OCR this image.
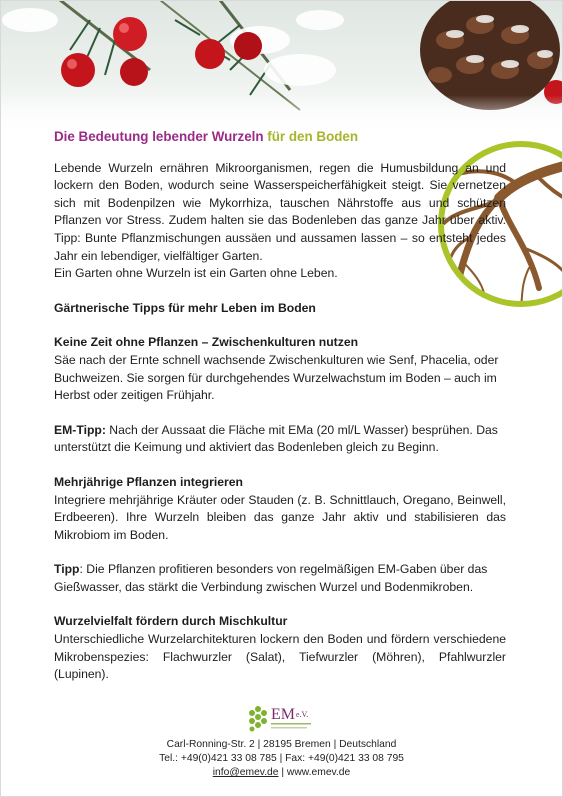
Die Bedeutung lebender Wurzeln für den Boden

Lebende Wurzeln ernähren Mikroorganismen, regen die Humusbildung an und lockern den Boden, wodurch seine Wasserspeicherfähigkeit steigt. Sie vernetzen sich mit Bodenpilzen wie Mykorrhiza, tauschen Nährstoffe aus und schützen Pflanzen vor Stress. Zudem halten sie das Bodenleben das ganze Jahr über aktiv. Tipp: Bunte Pflanzmischungen aussäen und aussamen lassen – so entsteht jedes Jahr ein lebendiger, vielfältiger Garten.

Ein Garten ohne Wurzeln ist ein Garten ohne Leben.

Gärtnerische Tipps für mehr Leben im Boden

Keine Zeit ohne Pflanzen – Zwischenkulturen nutzen

Säe nach der Ernte schnell wachsende Zwischenkulturen wie Senf, Phacelia, oder Buchweizen. Sie sorgen für durchgehendes Wurzelwachstum im Boden – auch im Herbst oder zeitigen Frühjahr.

EM-Tipp: Nach der Aussaat die Fläche mit EMa (20 ml/L Wasser) besprühen. Das unterstützt die Keimung und aktiviert das Bodenleben gleich zu Beginn.

Mehrjährige Pflanzen integrieren

Integriere mehrjährige Kräuter oder Stauden (z. B. Schnittlauch, Oregano, Beinwell, Erdbeeren). Ihre Wurzeln bleiben das ganze Jahr aktiv und stabilisieren das Mikrobiom im Boden.

Tipp: Die Pflanzen profitieren besonders von regelmäßigen EM-Gaben über das Gießwasser, das stärkt die Verbindung zwischen Wurzel und Bodenmikroben.

Wurzelvielfalt fördern durch Mischkultur

Unterschiedliche Wurzelarchitekturen lockern den Boden und fördern verschiedene Mikrobenspezies: Flachwurzler (Salat), Tiefwurzler (Möhren), Pfahlwurzler (Lupinen).

EM e.V.
Carl-Ronning-Str. 2 | 28195 Bremen | Deutschland
Tel.: +49(0)421 33 08 785 | Fax: +49(0)421 33 08 795
info@emev.de | www.emev.de
